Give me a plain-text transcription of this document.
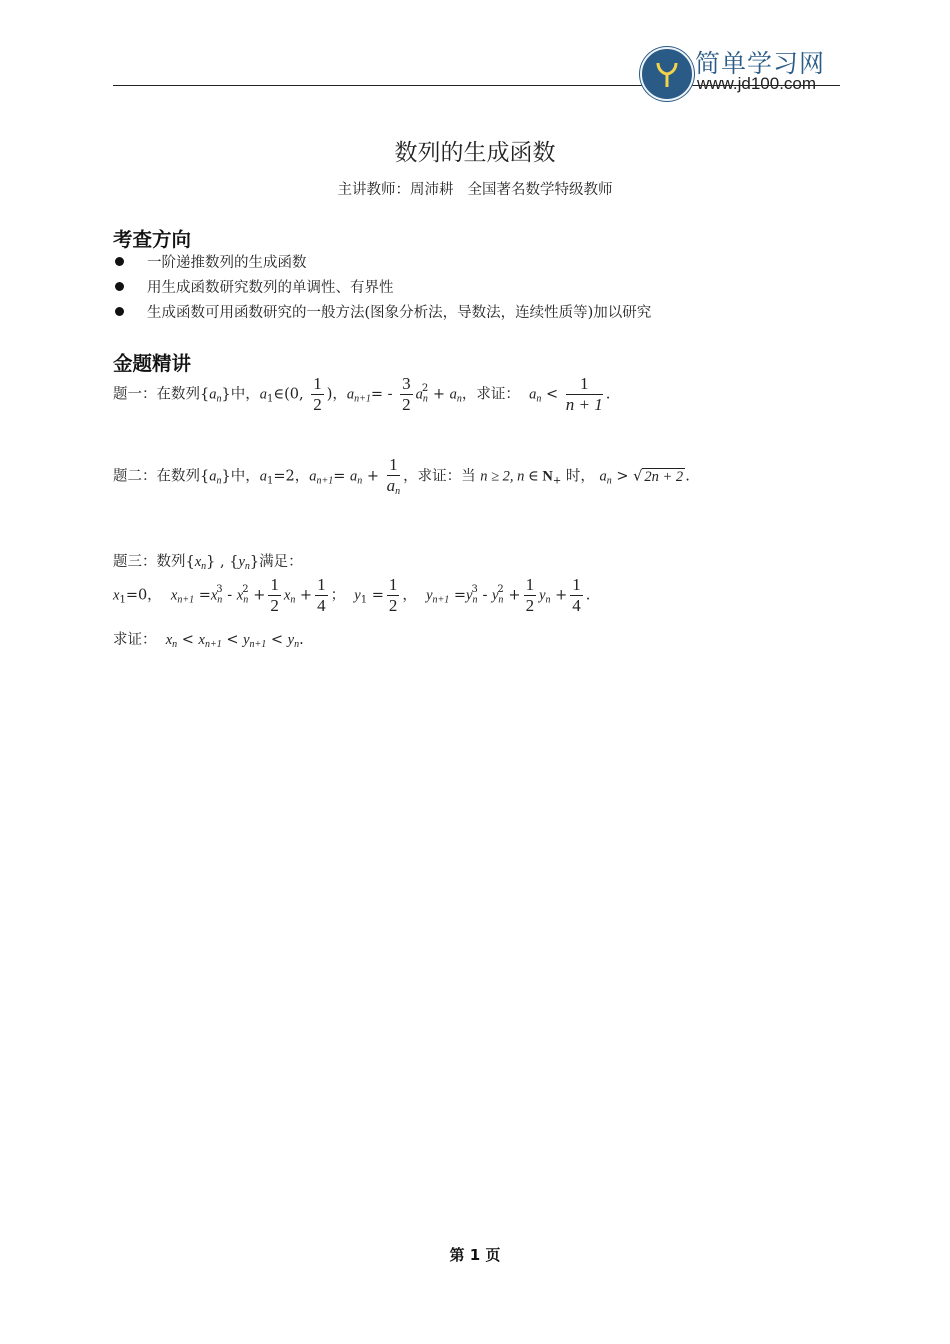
简单学习网
www.jd100.com
数列的生成函数
主讲教师：周沛耕 全国著名数学特级教师
考查方向
一阶递推数列的生成函数
用生成函数研究数列的单调性、有界性
生成函数可用函数研究的一般方法(图象分析法，导数法，连续性质等)加以研究
金题精讲
题一：在数列$\{a_n\}$中，$a_1\in(0$, $\frac{1}{2}$ )，$a_{n+1}= - \frac{3}{2} a_n^2 + a_n$，求证： $a_n < \frac{1}{n + 1}$ .
题二：在数列$\{a_n\}$中，$a_1=2$，$a_{n+1}= a_n + \frac{1}{a_n}$ ，求证：当 n ≥ 2, n ∈ $N_+$ 时， $a_n$ > √ 2n + 2 .
题三：数列$\{x_n\}$ , $\{y_n\}$满足：
$x_1=0$， $x_{n+1} =x_n^3 - x_n^2 + \frac{1}{2} x_n + \frac{1}{4}$ ； $y_1 = \frac{1}{2}$ ， $y_{n+1} =y_n^3 - y_n^2 + \frac{1}{2} y_n + \frac{1}{4}$ .
求证： $x_n < x_{n+1} < y_{n+1} < y_n$.
第 1 页
